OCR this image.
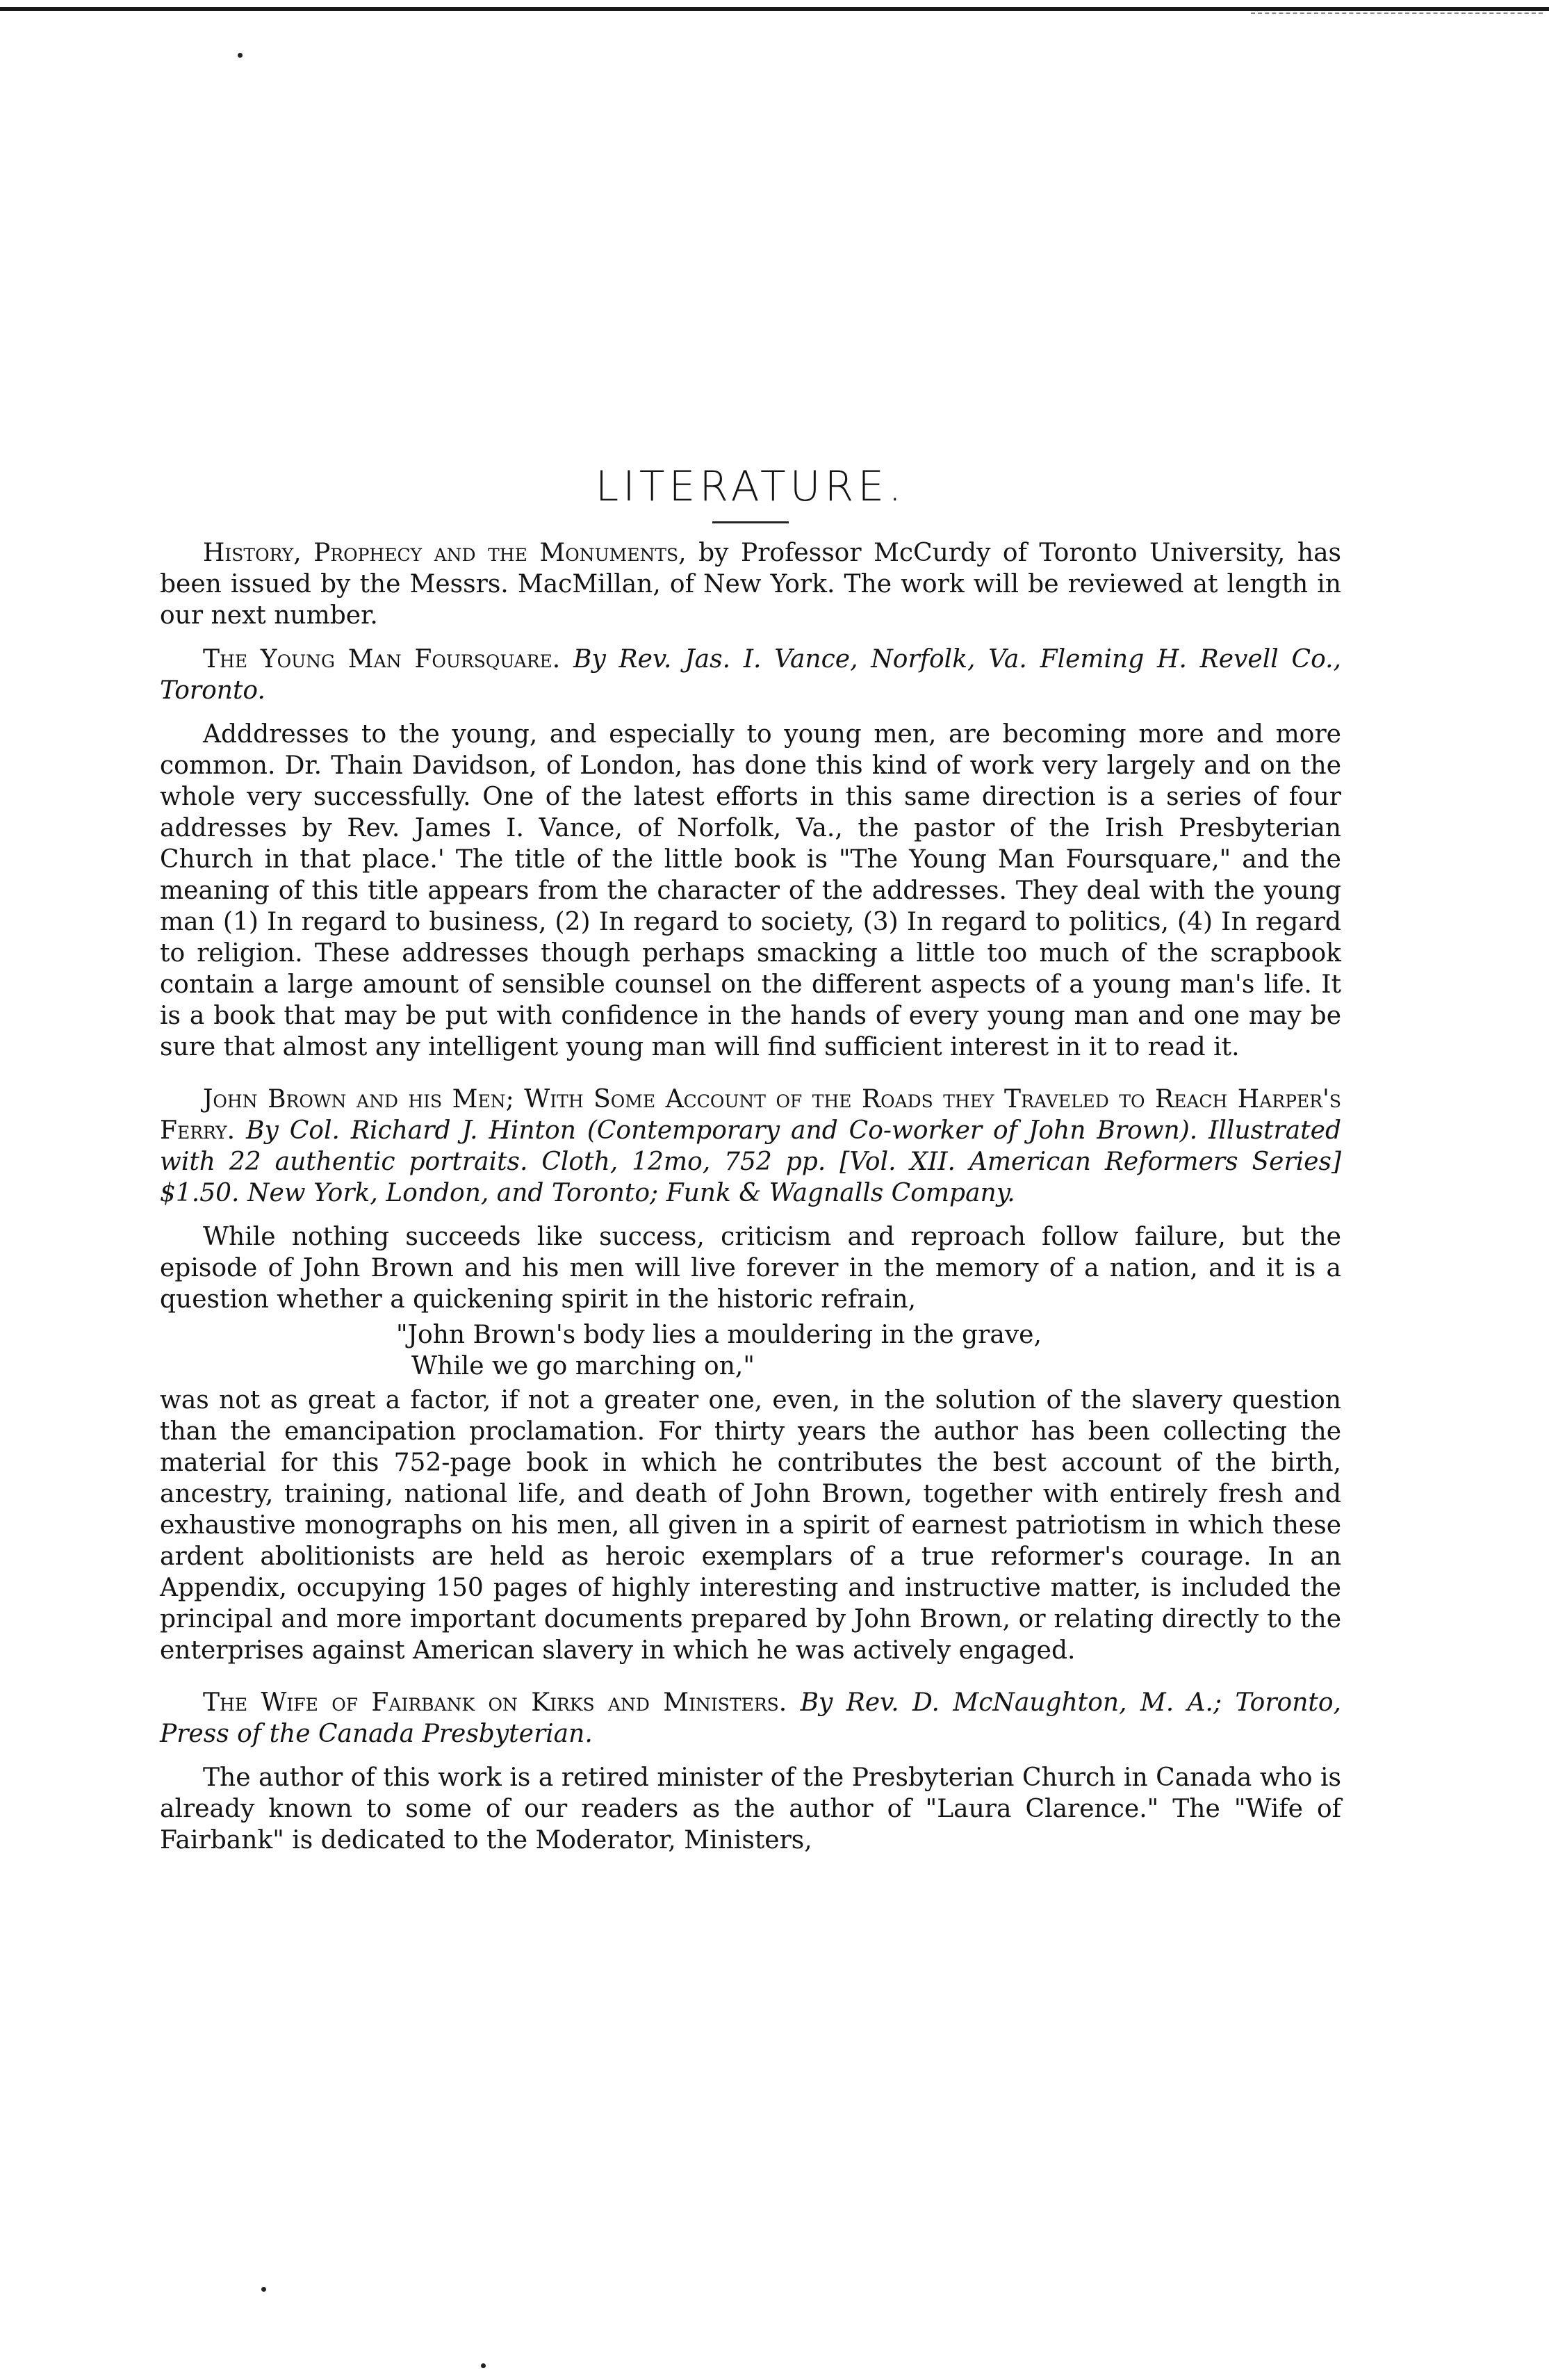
LITERATURE.

History, Prophecy and the Monuments, by Professor McCurdy of Toronto University, has been issued by the Messrs. MacMillan, of New York. The work will be reviewed at length in our next number.

The Young Man Foursquare. By Rev. Jas. I. Vance, Norfolk, Va. Fleming H. Revell Co., Toronto.

Adddresses to the young, and especially to young men, are becoming more and more common. Dr. Thain Davidson, of London, has done this kind of work very largely and on the whole very successfully. One of the latest efforts in this same direction is a series of four addresses by Rev. James I. Vance, of Norfolk, Va., the pastor of the Irish Presbyterian Church in that place.' The title of the little book is "The Young Man Foursquare," and the meaning of this title appears from the character of the addresses. They deal with the young man (1) In regard to business, (2) In regard to society, (3) In regard to politics, (4) In regard to religion. These addresses though perhaps smacking a little too much of the scrapbook contain a large amount of sensible counsel on the different aspects of a young man's life. It is a book that may be put with confidence in the hands of every young man and one may be sure that almost any intelligent young man will find sufficient interest in it to read it.

John Brown and his Men; With Some Account of the Roads they Traveled to Reach Harper's Ferry. By Col. Richard J. Hinton (Contemporary and Co-worker of John Brown). Illustrated with 22 authentic portraits. Cloth, 12mo, 752 pp. [Vol. XII. American Reformers Series] $1.50. New York, London, and Toronto; Funk & Wagnalls Company.

While nothing succeeds like success, criticism and reproach follow failure, but the episode of John Brown and his men will live forever in the memory of a nation, and it is a question whether a quickening spirit in the historic refrain,

"John Brown's body lies a mouldering in the grave,
While we go marching on,"

was not as great a factor, if not a greater one, even, in the solution of the slavery question than the emancipation proclamation. For thirty years the author has been collecting the material for this 752-page book in which he contributes the best account of the birth, ancestry, training, national life, and death of John Brown, together with entirely fresh and exhaustive monographs on his men, all given in a spirit of earnest patriotism in which these ardent abolitionists are held as heroic exemplars of a true reformer's courage. In an Appendix, occupying 150 pages of highly interesting and instructive matter, is included the principal and more important documents prepared by John Brown, or relating directly to the enterprises against American slavery in which he was actively engaged.

The Wife of Fairbank on Kirks and Ministers. By Rev. D. McNaughton, M. A.; Toronto, Press of the Canada Presbyterian.

The author of this work is a retired minister of the Presbyterian Church in Canada who is already known to some of our readers as the author of "Laura Clarence." The "Wife of Fairbank" is dedicated to the Moderator, Ministers,
